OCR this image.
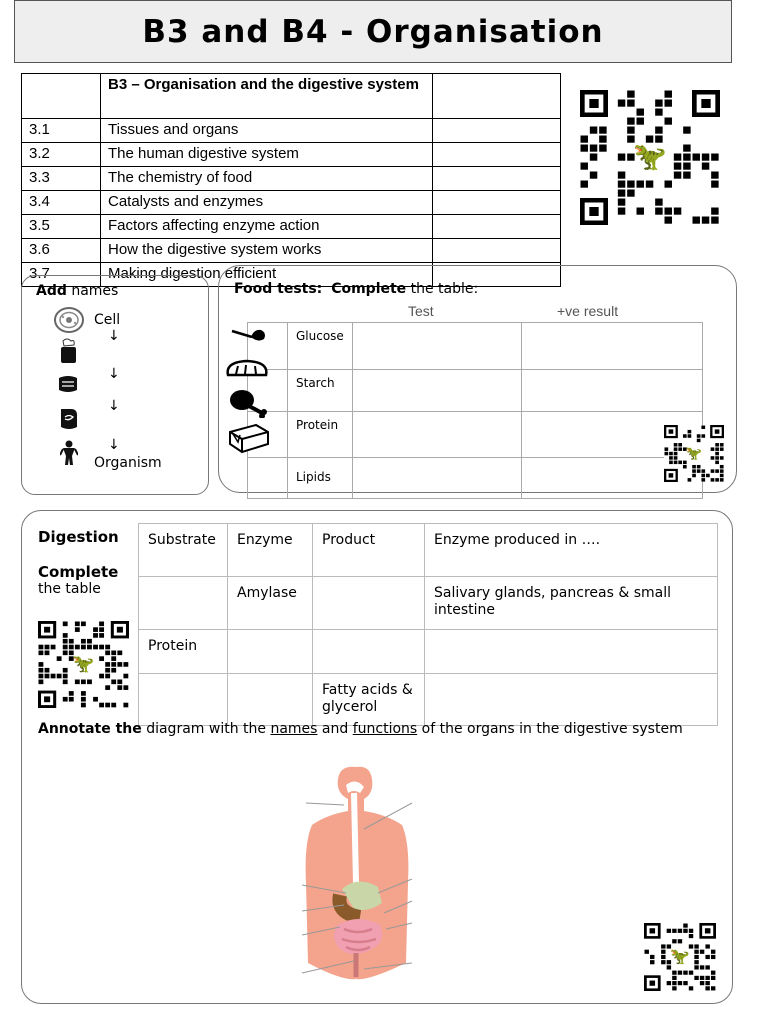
B3 and B4 - Organisation
	B3 – Organisation and the digestive system	
3.1	Tissues and organs	
3.2	The human digestive system	
3.3	The chemistry of food	
3.4	Catalysts and enzymes	
3.5	Factors affecting enzyme action	
3.6	How the digestive system works	
3.7	Making digestion efficient	
🦖
Add names
Cell
↓
↓
↓
↓
Organism
Food tests: Complete the table:
Test	+ve result
	Glucose		
	Starch		
	Protein		
	Lipids		
🦖
Digestion
Complete
the table
🦖
Substrate	Enzyme	Product	Enzyme produced in ….
	Amylase		Salivary glands, pancreas & small intestine
Protein			
		Fatty acids & glycerol	
Annotate the diagram with the names and functions of the organs in the digestive system
🦖
